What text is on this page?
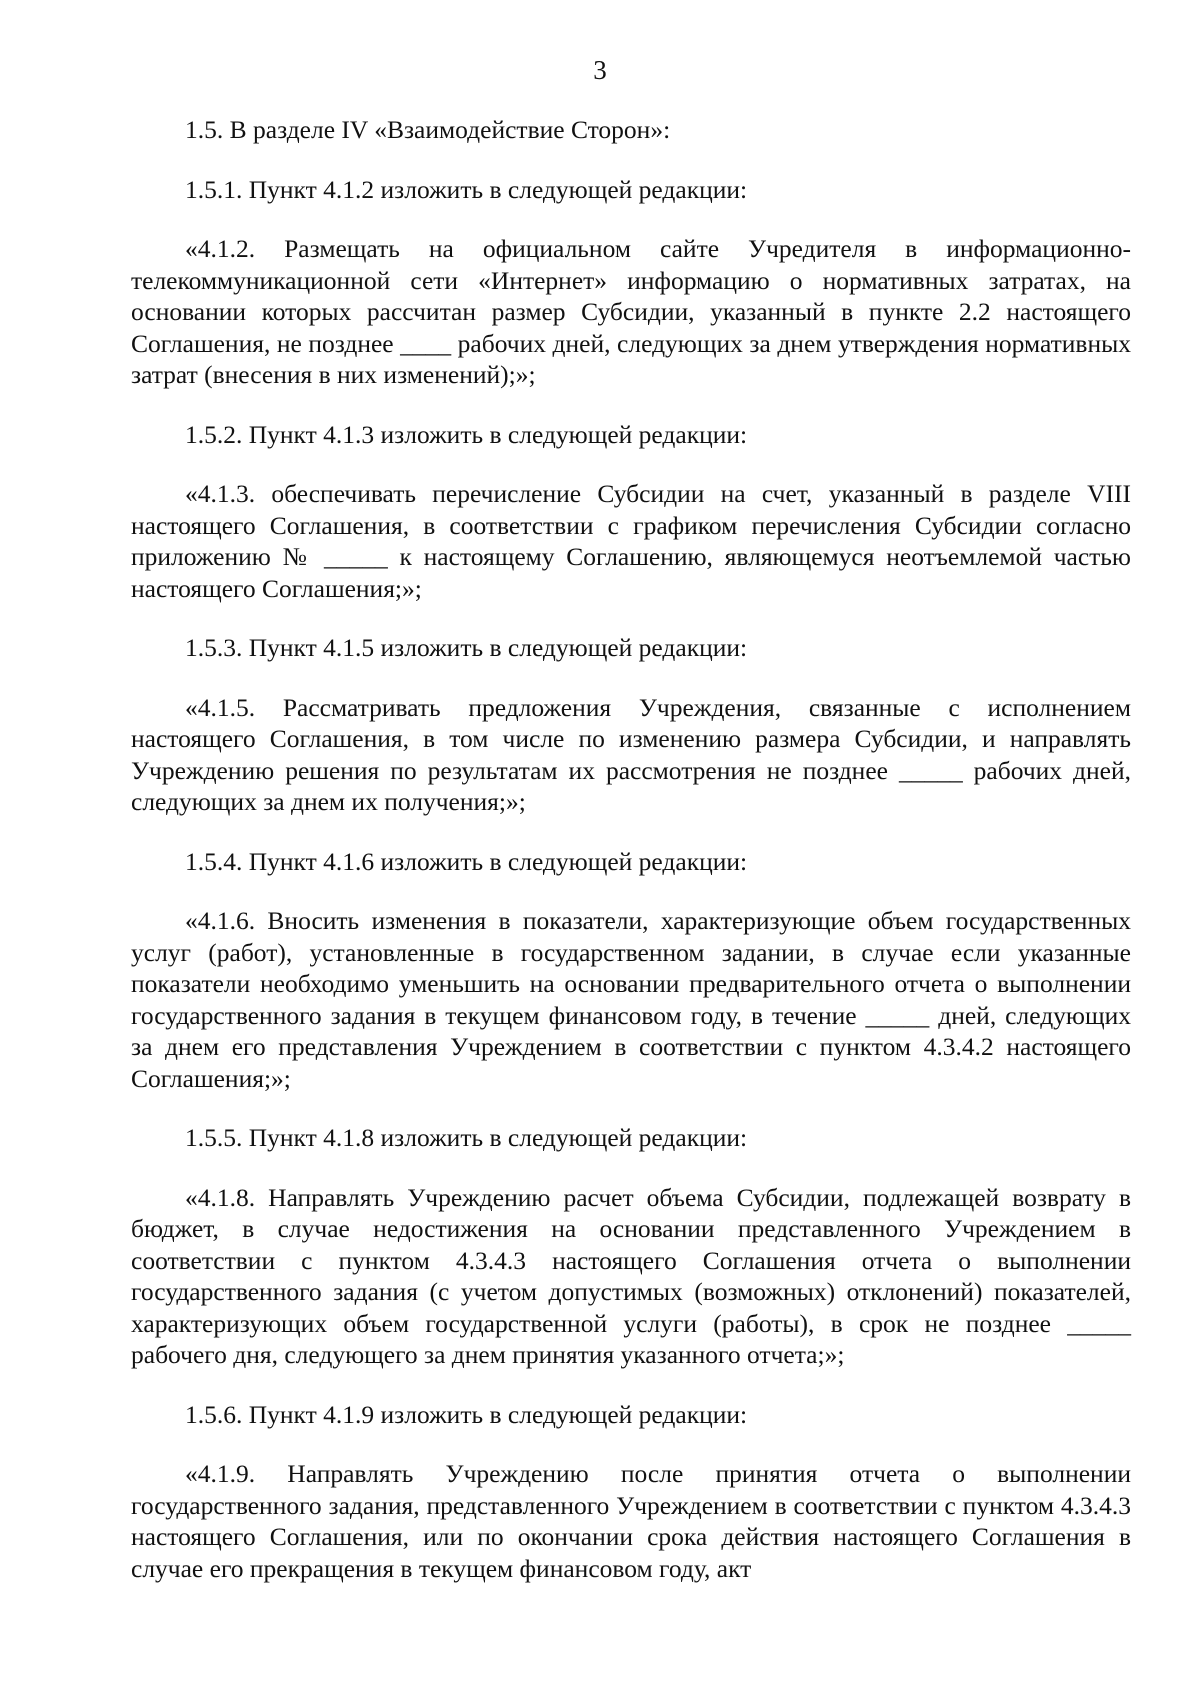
3

1.5. В разделе IV «Взаимодействие Сторон»:

1.5.1. Пункт 4.1.2 изложить в следующей редакции:

«4.1.2. Размещать на официальном сайте Учредителя в информационно-телекоммуникационной сети «Интернет» информацию о нормативных затратах, на основании которых рассчитан размер Субсидии, указанный в пункте 2.2 настоящего Соглашения, не позднее ____ рабочих дней, следующих за днем утверждения нормативных затрат (внесения в них изменений);»;

1.5.2. Пункт 4.1.3 изложить в следующей редакции:

«4.1.3. обеспечивать перечисление Субсидии на счет, указанный в разделе VIII настоящего Соглашения, в соответствии с графиком перечисления Субсидии согласно приложению № _____ к настоящему Соглашению, являющемуся неотъемлемой частью настоящего Соглашения;»;

1.5.3. Пункт 4.1.5 изложить в следующей редакции:

«4.1.5. Рассматривать предложения Учреждения, связанные с исполнением настоящего Соглашения, в том числе по изменению размера Субсидии, и направлять Учреждению решения по результатам их рассмотрения не позднее _____ рабочих дней, следующих за днем их получения;»;

1.5.4. Пункт 4.1.6 изложить в следующей редакции:

«4.1.6. Вносить изменения в показатели, характеризующие объем государственных услуг (работ), установленные в государственном задании, в случае если указанные показатели необходимо уменьшить на основании предварительного отчета о выполнении государственного задания в текущем финансовом году, в течение _____ дней, следующих за днем его представления Учреждением в соответствии с пунктом 4.3.4.2 настоящего Соглашения;»;

1.5.5. Пункт 4.1.8 изложить в следующей редакции:

«4.1.8. Направлять Учреждению расчет объема Субсидии, подлежащей возврату в бюджет, в случае недостижения на основании представленного Учреждением в соответствии с пунктом 4.3.4.3 настоящего Соглашения отчета о выполнении государственного задания (с учетом допустимых (возможных) отклонений) показателей, характеризующих объем государственной услуги (работы), в срок не позднее _____ рабочего дня, следующего за днем принятия указанного отчета;»;

1.5.6. Пункт 4.1.9 изложить в следующей редакции:

«4.1.9. Направлять Учреждению после принятия отчета о выполнении государственного задания, представленного Учреждением в соответствии с пунктом 4.3.4.3 настоящего Соглашения, или по окончании срока действия настоящего Соглашения в случае его прекращения в текущем финансовом году, акт
